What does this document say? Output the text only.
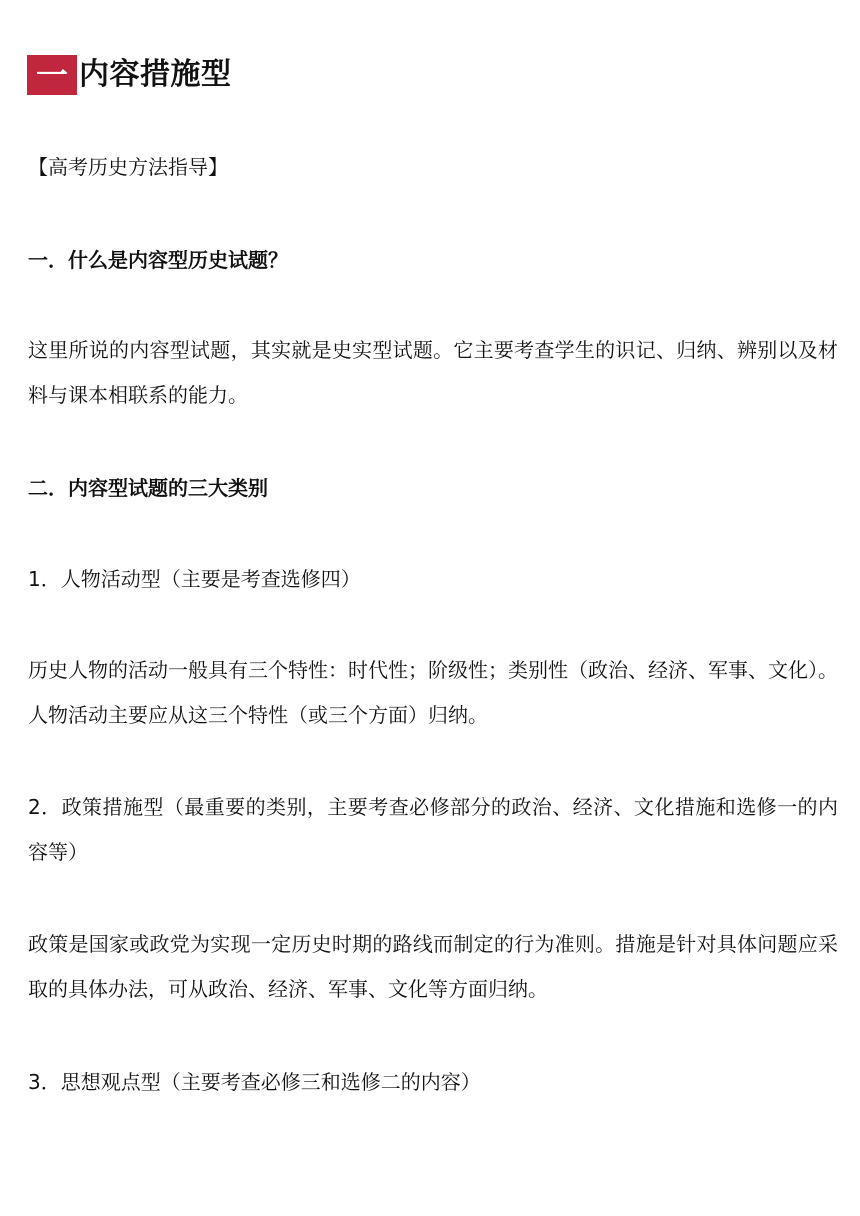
一 内容措施型
【高考历史方法指导】
一．什么是内容型历史试题？
这里所说的内容型试题，其实就是史实型试题。它主要考查学生的识记、归纳、辨别以及材料与课本相联系的能力。
二．内容型试题的三大类别
1．人物活动型（主要是考查选修四）
历史人物的活动一般具有三个特性：时代性；阶级性；类别性（政治、经济、军事、文化）。人物活动主要应从这三个特性（或三个方面）归纳。
2．政策措施型（最重要的类别，主要考查必修部分的政治、经济、文化措施和选修一的内容等）
政策是国家或政党为实现一定历史时期的路线而制定的行为准则。措施是针对具体问题应采取的具体办法，可从政治、经济、军事、文化等方面归纳。
3．思想观点型（主要考查必修三和选修二的内容）
